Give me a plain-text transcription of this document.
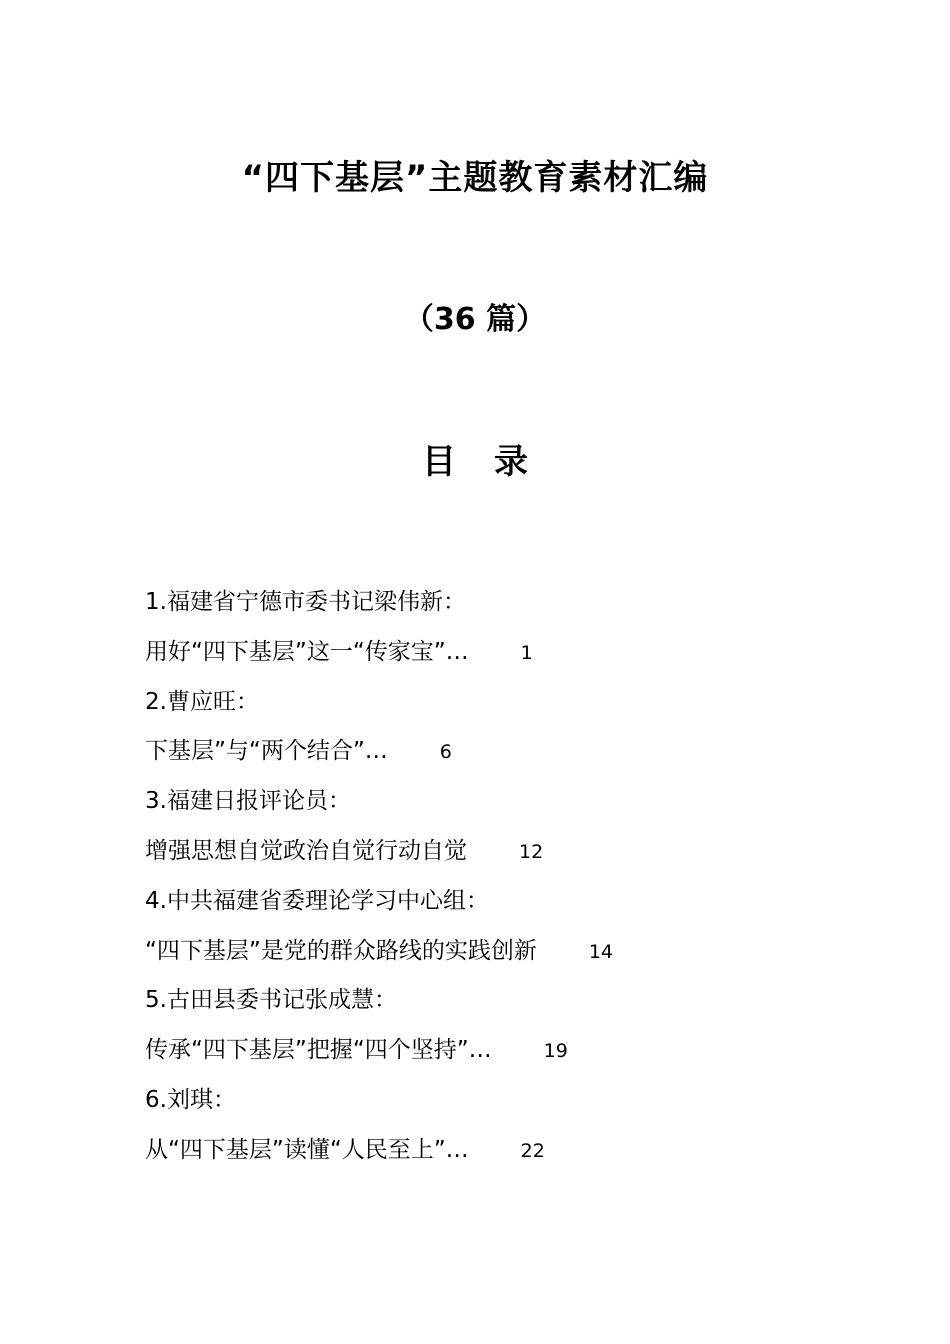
“四下基层”主题教育素材汇编
（36 篇）
目 录
1.福建省宁德市委书记梁伟新：
用好“四下基层”这一“传家宝”…	1
2.曹应旺：
下基层”与“两个结合”…	6
3.福建日报评论员：
增强思想自觉政治自觉行动自觉	12
4.中共福建省委理论学习中心组：
“四下基层”是党的群众路线的实践创新	14
5.古田县委书记张成慧：
传承“四下基层”把握“四个坚持”…	19
6.刘琪：
从“四下基层”读懂“人民至上”…	22
